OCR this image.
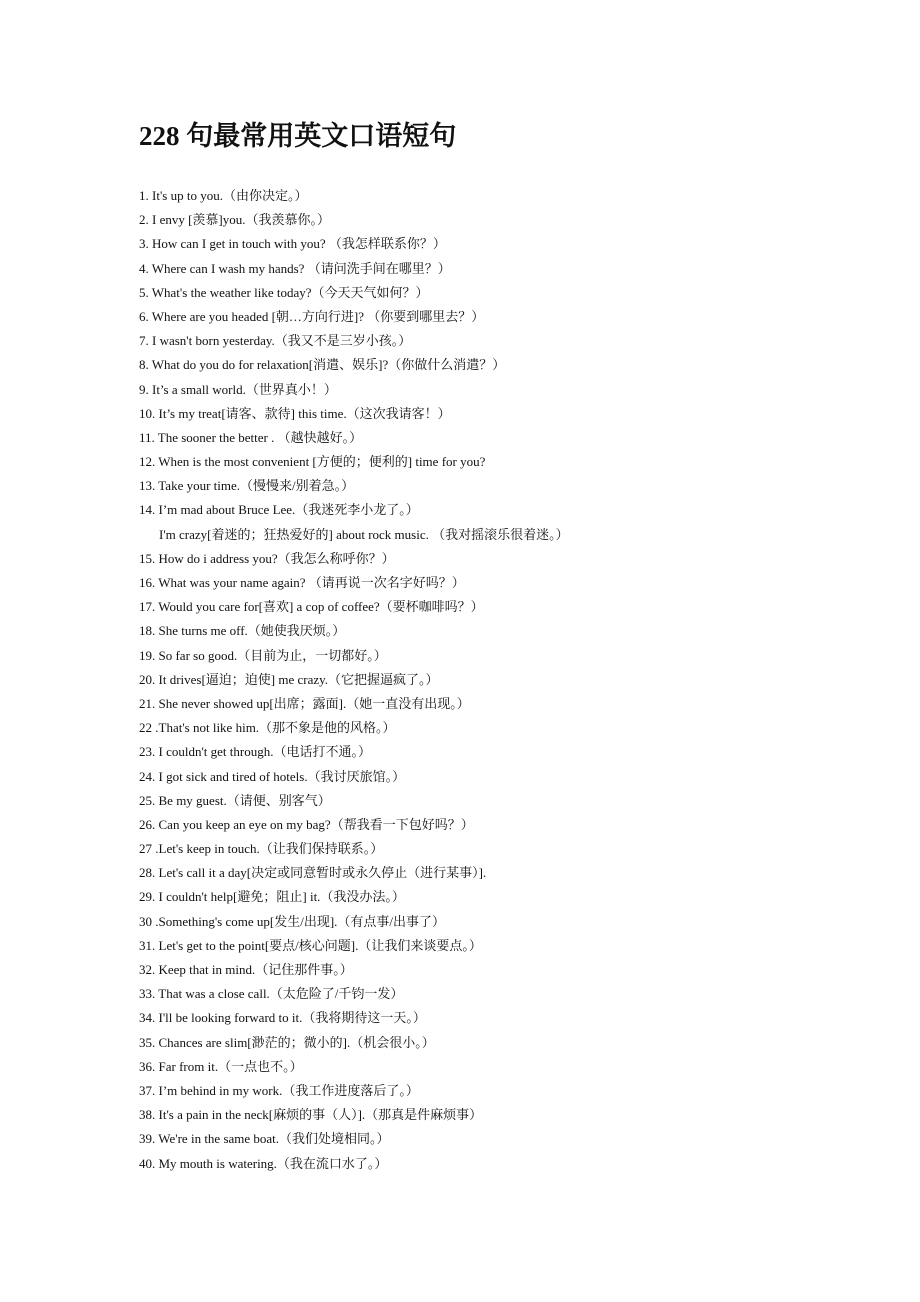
228 句最常用英文口语短句
1. It's up to you.（由你决定。）
2. I envy [羡慕]you.（我羡慕你。）
3. How can I get in touch with you? （我怎样联系你？）
4. Where can I wash my hands? （请问洗手间在哪里？）
5. What's the weather like today?（今天天气如何？）
6. Where are you headed [朝…方向行进]? （你要到哪里去？）
7. I wasn't born yesterday.（我又不是三岁小孩。）
8. What do you do for relaxation[消遣、娱乐]?（你做什么消遣？）
9. It’s a small world.（世界真小！）
10. It’s my treat[请客、款待] this time.（这次我请客！）
11. The sooner the better . （越快越好。）
12. When is the most convenient [方便的；便利的] time for you?
13. Take your time.（慢慢来/别着急。）
14. I’m mad about Bruce Lee.（我迷死李小龙了。）
I'm crazy[着迷的；狂热爱好的] about rock music. （我对摇滚乐很着迷。）
15. How do i address you?（我怎么称呼你？）
16. What was your name again? （请再说一次名字好吗？）
17. Would you care for[喜欢] a cop of coffee?（要杯咖啡吗？）
18. She turns me off.（她使我厌烦。）
19. So far so good.（目前为止，一切都好。）
20. It drives[逼迫；迫使] me crazy.（它把握逼疯了。）
21. She never showed up[出席；露面].（她一直没有出现。）
22 .That's not like him.（那不象是他的风格。）
23. I couldn't get through.（电话打不通。）
24. I got sick and tired of hotels.（我讨厌旅馆。）
25. Be my guest.（请便、别客气）
26. Can you keep an eye on my bag?（帮我看一下包好吗？）
27 .Let's keep in touch.（让我们保持联系。）
28. Let's call it a day[决定或同意暂时或永久停止（进行某事）].
29. I couldn't help[避免；阻止] it.（我没办法。）
30 .Something's come up[发生/出现].（有点事/出事了）
31. Let's get to the point[要点/核心问题].（让我们来谈要点。）
32. Keep that in mind.（记住那件事。）
33. That was a close call.（太危险了/千钧一发）
34. I'll be looking forward to it.（我将期待这一天。）
35. Chances are slim[渺茫的；微小的].（机会很小。）
36. Far from it.（一点也不。）
37. I’m behind in my work.（我工作进度落后了。）
38. It's a pain in the neck[麻烦的事（人）].（那真是件麻烦事）
39. We're in the same boat.（我们处境相同。）
40. My mouth is watering.（我在流口水了。）
